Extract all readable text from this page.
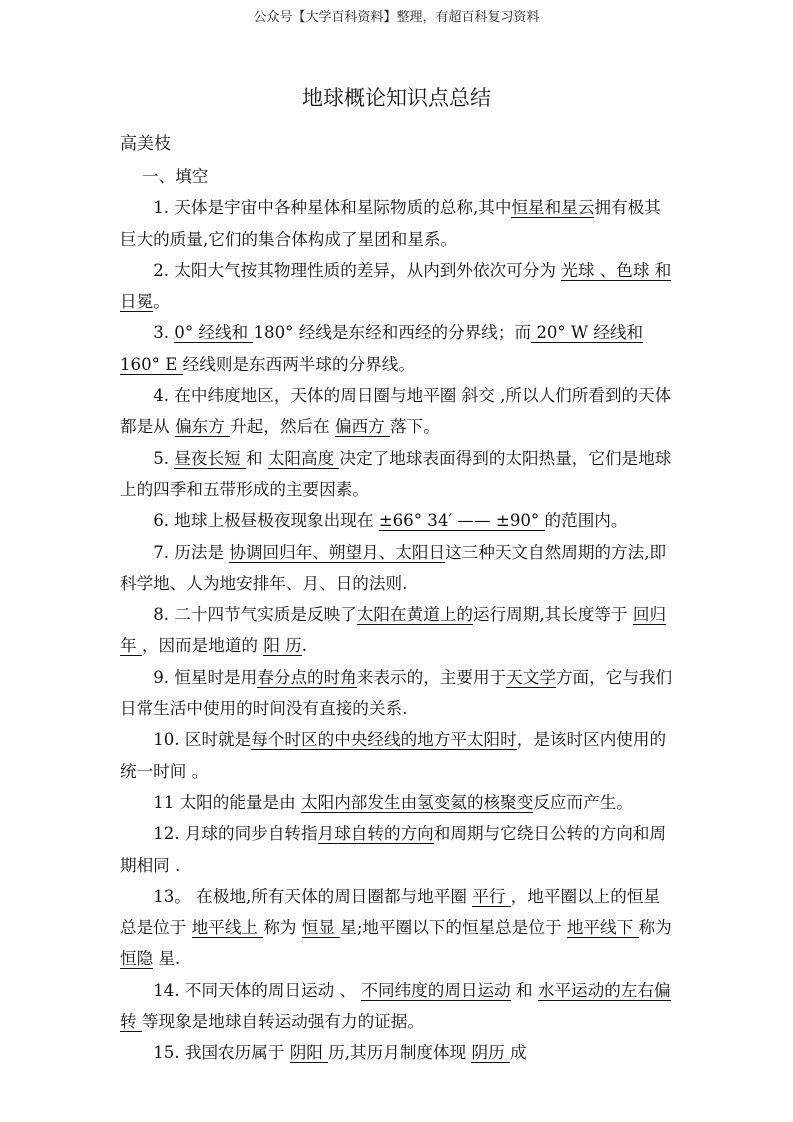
公众号【大学百科资料】整理，有超百科复习资料
地球概论知识点总结
高美枝

一、填空

1. 天体是宇宙中各种星体和星际物质的总称,其中恒星和星云拥有极其巨大的质量,它们的集合体构成了星团和星系。

2. 太阳大气按其物理性质的差异，从内到外依次可分为 光球 、色球 和 日冕。

3. 0° 经线和 180° 经线是东经和西经的分界线；而 20° W 经线和 160° E 经线则是东西两半球的分界线。

4. 在中纬度地区，天体的周日圈与地平圈 斜交 ,所以人们所看到的天体都是从 偏东方 升起，然后在 偏西方 落下。

5. 昼夜长短 和 太阳高度 决定了地球表面得到的太阳热量，它们是地球上的四季和五带形成的主要因素。

6. 地球上极昼极夜现象出现在 ±66° 34′ —— ±90° 的范围内。

7. 历法是 协调回归年、朔望月、太阳日这三种天文自然周期的方法,即科学地、人为地安排年、月、日的法则.

8. 二十四节气实质是反映了太阳在黄道上的运行周期,其长度等于 回归年 ，因而是地道的 阳 历.

9. 恒星时是用春分点的时角来表示的，主要用于天文学方面，它与我们日常生活中使用的时间没有直接的关系.

10. 区时就是每个时区的中央经线的地方平太阳时，是该时区内使用的统一时间 。

11 太阳的能量是由 太阳内部发生由氢变氦的核聚变反应而产生。

12. 月球的同步自转指月球自转的方向和周期与它绕日公转的方向和周期相同 .

13。 在极地,所有天体的周日圈都与地平圈 平行 ，地平圈以上的恒星总是位于 地平线上 称为 恒显 星;地平圈以下的恒星总是位于 地平线下 称为 恒隐 星.

14. 不同天体的周日运动 、 不同纬度的周日运动 和 水平运动的左右偏转 等现象是地球自转运动强有力的证据。

15. 我国农历属于 阴阳 历,其历月制度体现 阴历 成
